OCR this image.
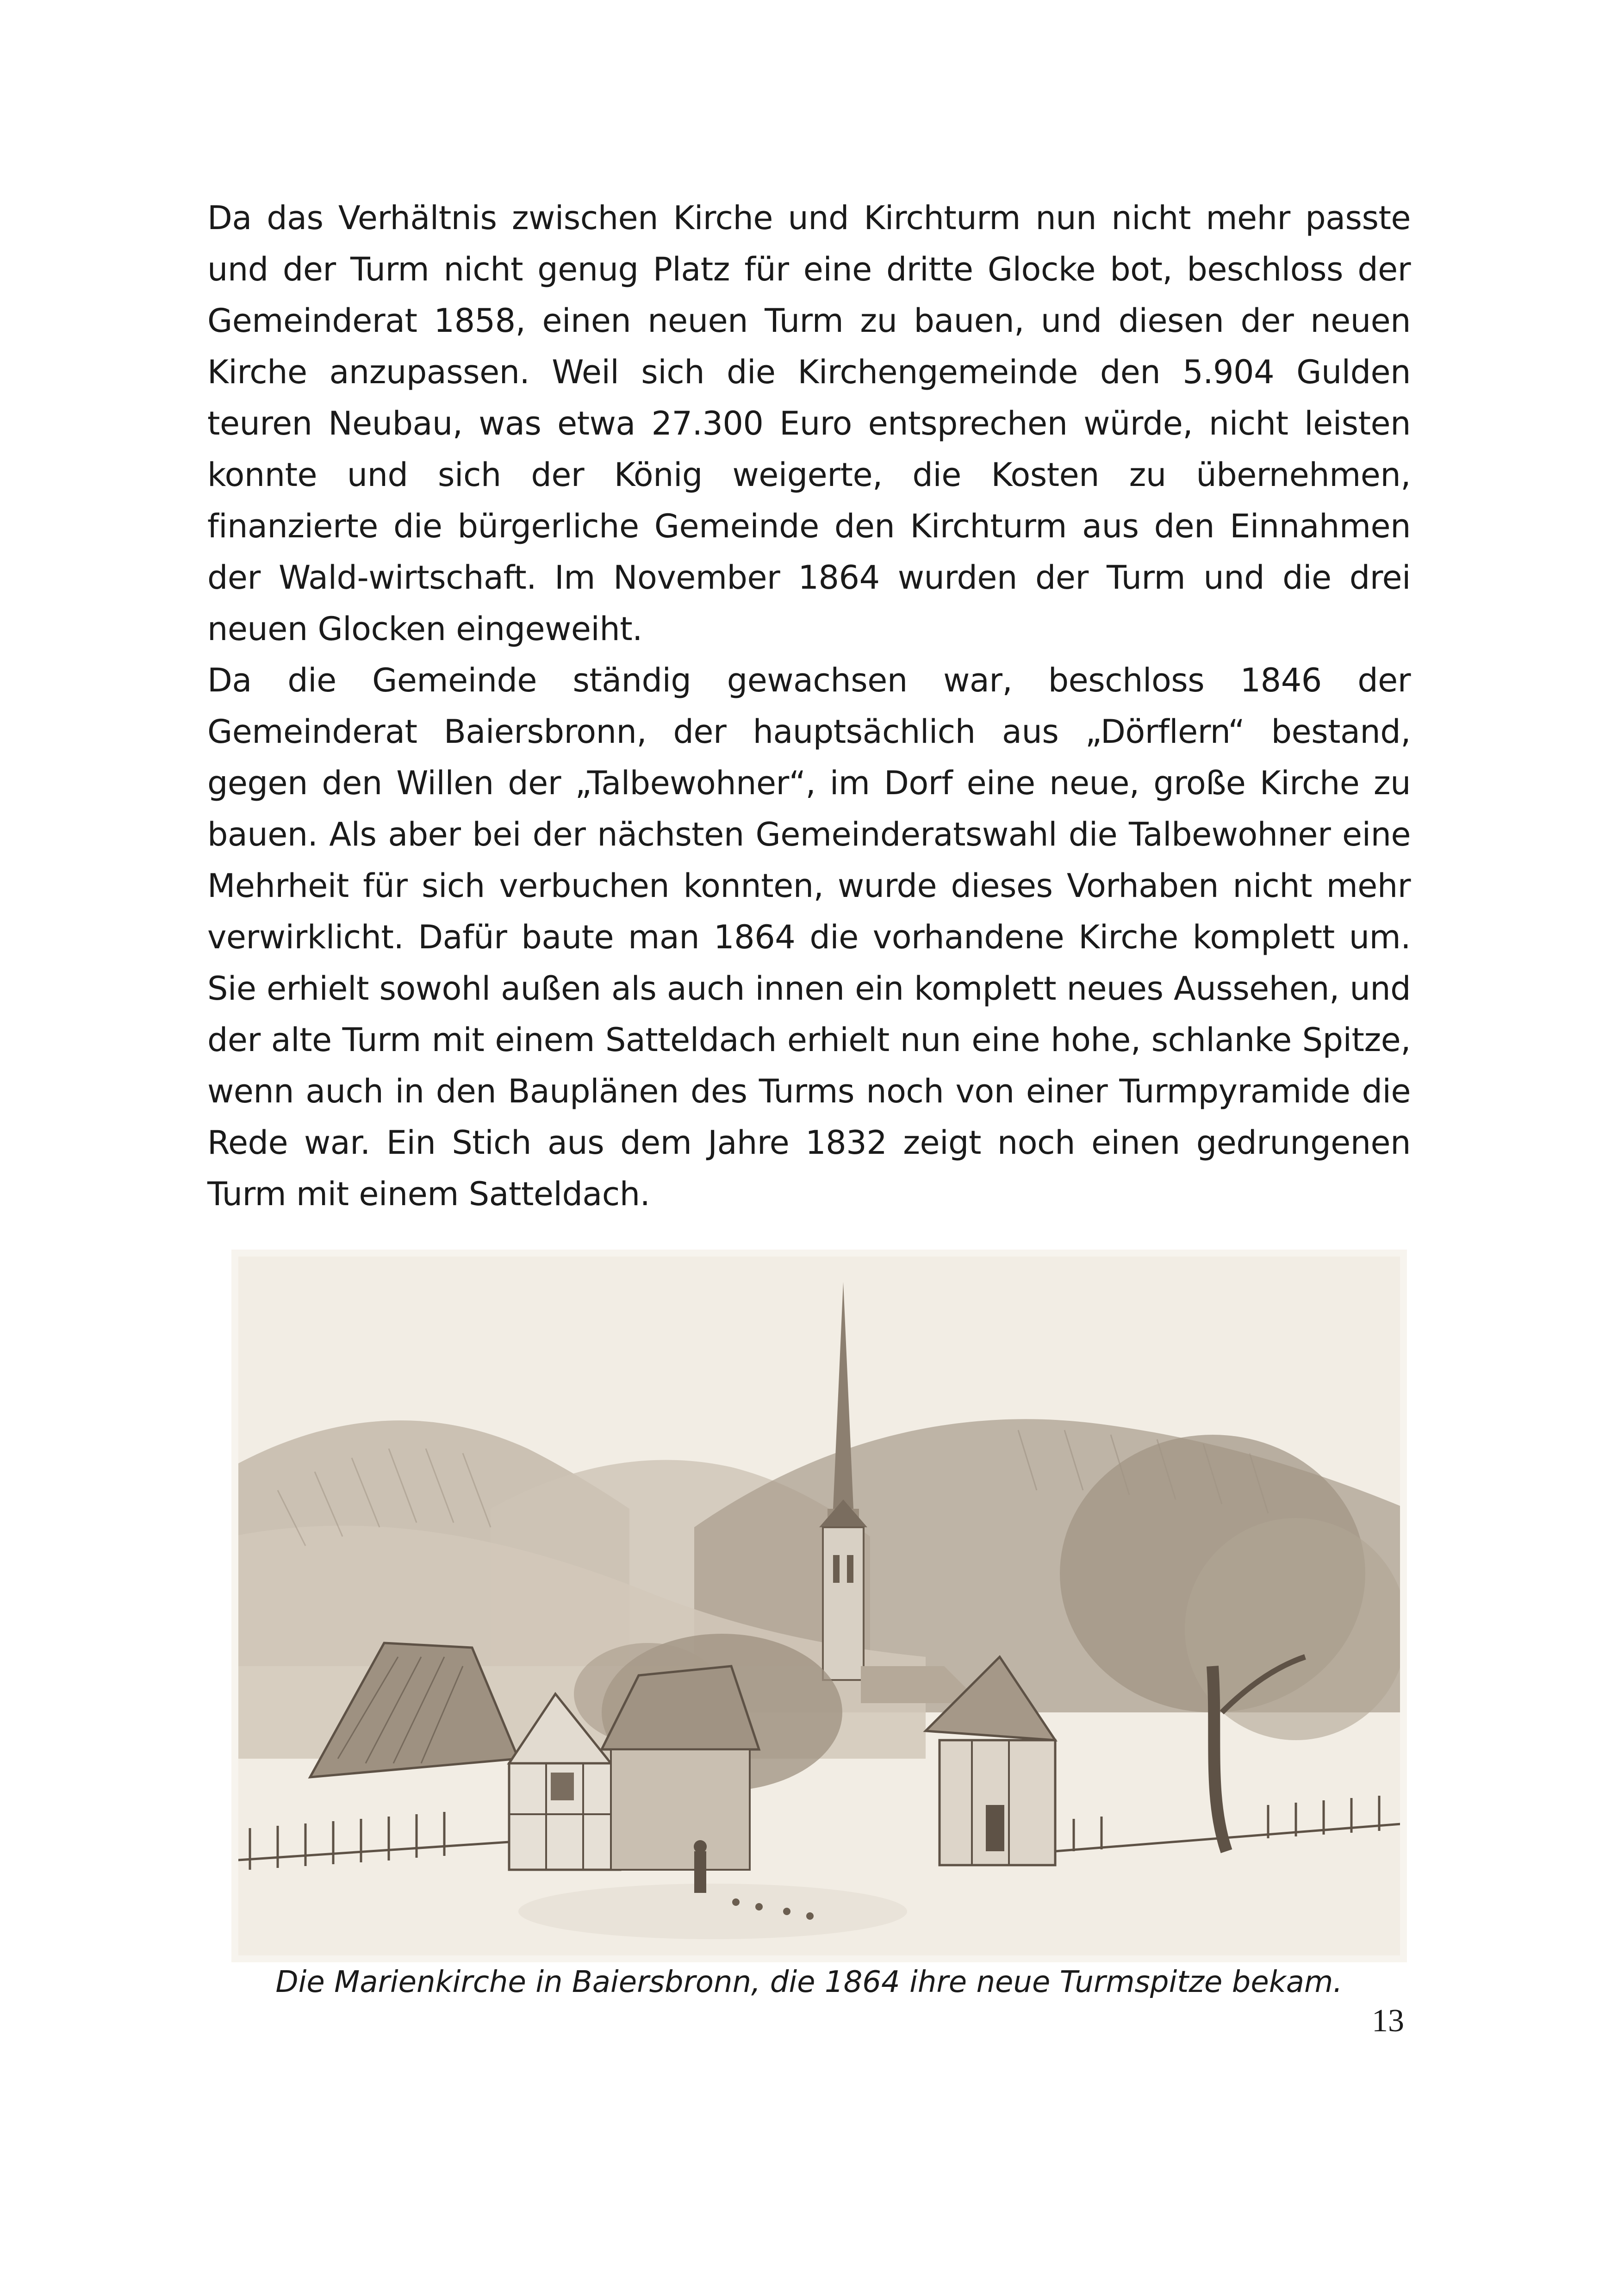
Da das Verhältnis zwischen Kirche und Kirchturm nun nicht mehr passte und der Turm nicht genug Platz für eine dritte Glocke bot, beschloss der Gemeinderat 1858, einen neuen Turm zu bauen, und diesen der neuen Kirche anzupassen. Weil sich die Kirchengemeinde den 5.904 Gulden teuren Neubau, was etwa 27.300 Euro entsprechen würde, nicht leisten konnte und sich der König weigerte, die Kosten zu übernehmen, finanzierte die bürgerliche Gemeinde den Kirchturm aus den Einnahmen der Wald-wirtschaft. Im November 1864 wurden der Turm und die drei neuen Glocken eingeweiht.

Da die Gemeinde ständig gewachsen war, beschloss 1846 der Gemeinderat Baiersbronn, der hauptsächlich aus „Dörflern“ bestand, gegen den Willen der „Talbewohner“, im Dorf eine neue, große Kirche zu bauen. Als aber bei der nächsten Gemeinderatswahl die Talbewohner eine Mehrheit für sich verbuchen konnten, wurde dieses Vorhaben nicht mehr verwirklicht. Dafür baute man 1864 die vorhandene Kirche komplett um. Sie erhielt sowohl außen als auch innen ein komplett neues Aussehen, und der alte Turm mit einem Satteldach erhielt nun eine hohe, schlanke Spitze, wenn auch in den Bauplänen des Turms noch von einer Turmpyramide die Rede war. Ein Stich aus dem Jahre 1832 zeigt noch einen gedrungenen Turm mit einem Satteldach.

Die Marienkirche in Baiersbronn, die 1864 ihre neue Turmspitze bekam.
13
